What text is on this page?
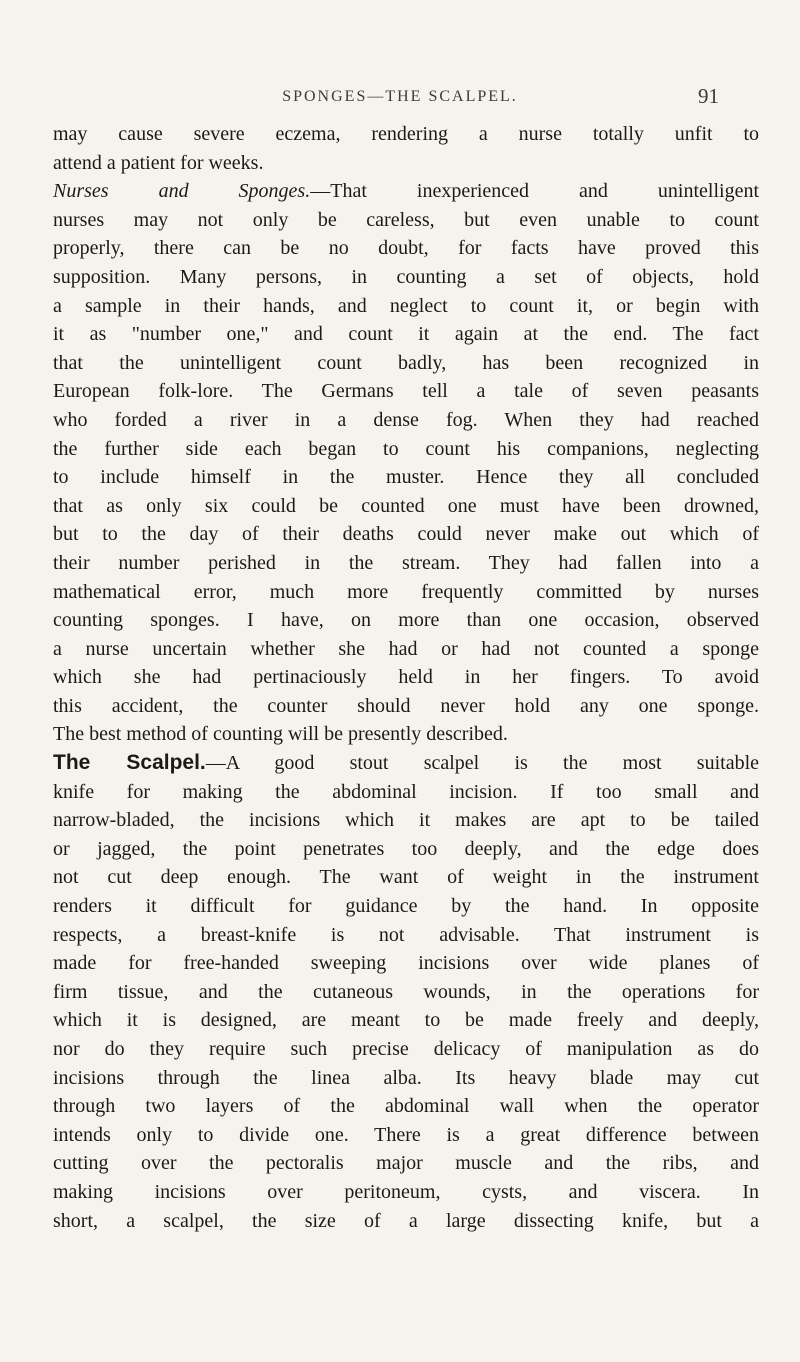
SPONGES—THE SCALPEL.	91
may cause severe eczema, rendering a nurse totally unfit to
attend a patient for weeks.
Nurses and Sponges.—That inexperienced and unintelligent
nurses may not only be careless, but even unable to count
properly, there can be no doubt, for facts have proved this
supposition. Many persons, in counting a set of objects, hold
a sample in their hands, and neglect to count it, or begin with
it as "number one," and count it again at the end. The fact
that the unintelligent count badly, has been recognized in
European folk-lore. The Germans tell a tale of seven peasants
who forded a river in a dense fog. When they had reached
the further side each began to count his companions, neglecting
to include himself in the muster. Hence they all concluded
that as only six could be counted one must have been drowned,
but to the day of their deaths could never make out which of
their number perished in the stream. They had fallen into a
mathematical error, much more frequently committed by nurses
counting sponges. I have, on more than one occasion, observed
a nurse uncertain whether she had or had not counted a sponge
which she had pertinaciously held in her fingers. To avoid
this accident, the counter should never hold any one sponge.
The best method of counting will be presently described.
The Scalpel.—A good stout scalpel is the most suitable
knife for making the abdominal incision. If too small and
narrow-bladed, the incisions which it makes are apt to be tailed
or jagged, the point penetrates too deeply, and the edge does
not cut deep enough. The want of weight in the instrument
renders it difficult for guidance by the hand. In opposite
respects, a breast-knife is not advisable. That instrument is
made for free-handed sweeping incisions over wide planes of
firm tissue, and the cutaneous wounds, in the operations for
which it is designed, are meant to be made freely and deeply,
nor do they require such precise delicacy of manipulation as do
incisions through the linea alba. Its heavy blade may cut
through two layers of the abdominal wall when the operator
intends only to divide one. There is a great difference between
cutting over the pectoralis major muscle and the ribs, and
making incisions over peritoneum, cysts, and viscera. In
short, a scalpel, the size of a large dissecting knife, but a
